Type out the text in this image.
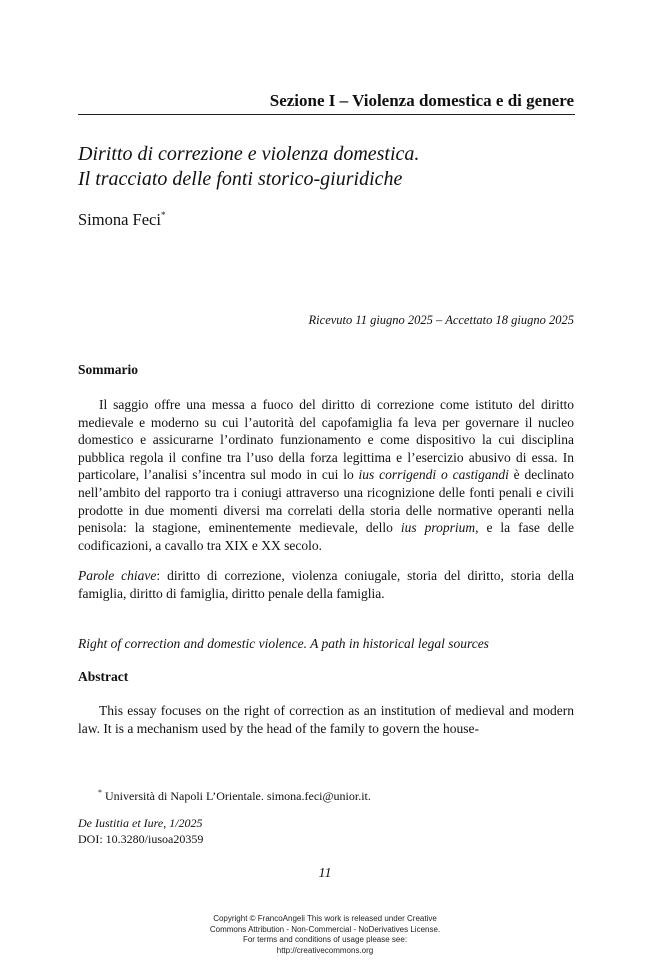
Sezione I – Violenza domestica e di genere
Diritto di correzione e violenza domestica.
Il tracciato delle fonti storico-giuridiche
Simona Feci*
Ricevuto 11 giugno 2025 – Accettato 18 giugno 2025
Sommario
Il saggio offre una messa a fuoco del diritto di correzione come istituto del diritto medievale e moderno su cui l’autorità del capofamiglia fa leva per governare il nucleo domestico e assicurarne l’ordinato funzionamento e come dispositivo la cui disciplina pubblica regola il confine tra l’uso della forza legittima e l’esercizio abusivo di essa. In particolare, l’analisi s’incentra sul modo in cui lo ius corrigendi o castigandi è declinato nell’ambito del rapporto tra i coniugi attraverso una ricognizione delle fonti penali e civili prodotte in due momenti diversi ma correlati della storia delle normative operanti nella penisola: la stagione, eminentemente medievale, dello ius proprium, e la fase delle codificazioni, a cavallo tra XIX e XX secolo.
Parole chiave: diritto di correzione, violenza coniugale, storia del diritto, storia della famiglia, diritto di famiglia, diritto penale della famiglia.
Right of correction and domestic violence. A path in historical legal sources
Abstract
This essay focuses on the right of correction as an institution of medieval and modern law. It is a mechanism used by the head of the family to govern the house-
* Università di Napoli L’Orientale. simona.feci@unior.it.
De Iustitia et Iure, 1/2025
DOI: 10.3280/iusoa20359
11
Copyright © FrancoAngeli This work is released under Creative
Commons Attribution - Non-Commercial - NoDerivatives License.
For terms and conditions of usage please see:
http://creativecommons.org
